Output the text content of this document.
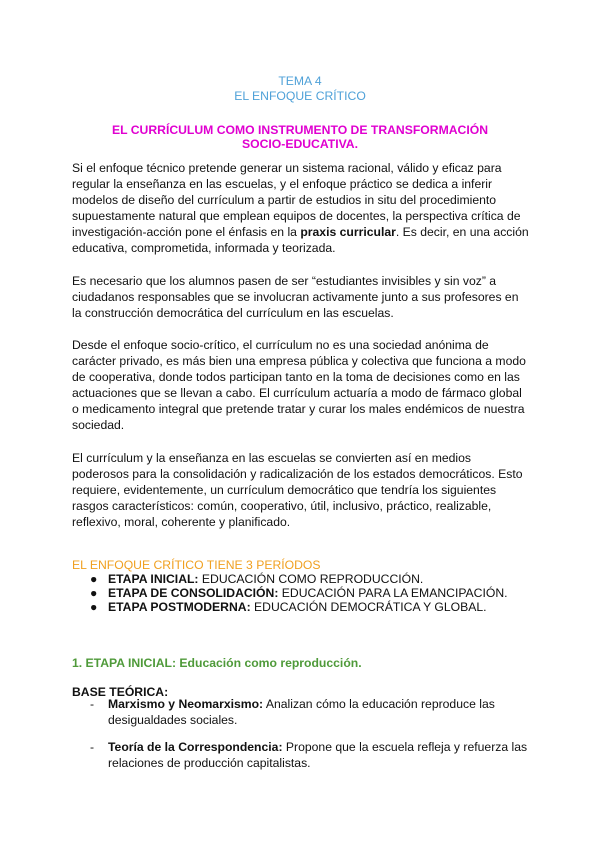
TEMA 4
EL ENFOQUE CRÍTICO
EL CURRÍCULUM COMO INSTRUMENTO DE TRANSFORMACIÓN
SOCIO-EDUCATIVA.
Si el enfoque técnico pretende generar un sistema racional, válido y eficaz para
regular la enseñanza en las escuelas, y el enfoque práctico se dedica a inferir
modelos de diseño del currículum a partir de estudios in situ del procedimiento
supuestamente natural que emplean equipos de docentes, la perspectiva crítica de
investigación-acción pone el énfasis en la praxis curricular. Es decir, en una acción
educativa, comprometida, informada y teorizada.
Es necesario que los alumnos pasen de ser “estudiantes invisibles y sin voz” a
ciudadanos responsables que se involucran activamente junto a sus profesores en
la construcción democrática del currículum en las escuelas.
Desde el enfoque socio-crítico, el currículum no es una sociedad anónima de
carácter privado, es más bien una empresa pública y colectiva que funciona a modo
de cooperativa, donde todos participan tanto en la toma de decisiones como en las
actuaciones que se llevan a cabo. El currículum actuaría a modo de fármaco global
o medicamento integral que pretende tratar y curar los males endémicos de nuestra
sociedad.
El currículum y la enseñanza en las escuelas se convierten así en medios
poderosos para la consolidación y radicalización de los estados democráticos. Esto
requiere, evidentemente, un currículum democrático que tendría los siguientes
rasgos característicos: común, cooperativo, útil, inclusivo, práctico, realizable,
reflexivo, moral, coherente y planificado.
EL ENFOQUE CRÍTICO TIENE 3 PERÍODOS
● ETAPA INICIAL: EDUCACIÓN COMO REPRODUCCIÓN.
● ETAPA DE CONSOLIDACIÓN: EDUCACIÓN PARA LA EMANCIPACIÓN.
● ETAPA POSTMODERNA: EDUCACIÓN DEMOCRÁTICA Y GLOBAL.
1. ETAPA INICIAL: Educación como reproducción.
BASE TEÓRICA:
- Marxismo y Neomarxismo: Analizan cómo la educación reproduce las
desigualdades sociales.
- Teoría de la Correspondencia: Propone que la escuela refleja y refuerza las
relaciones de producción capitalistas.
